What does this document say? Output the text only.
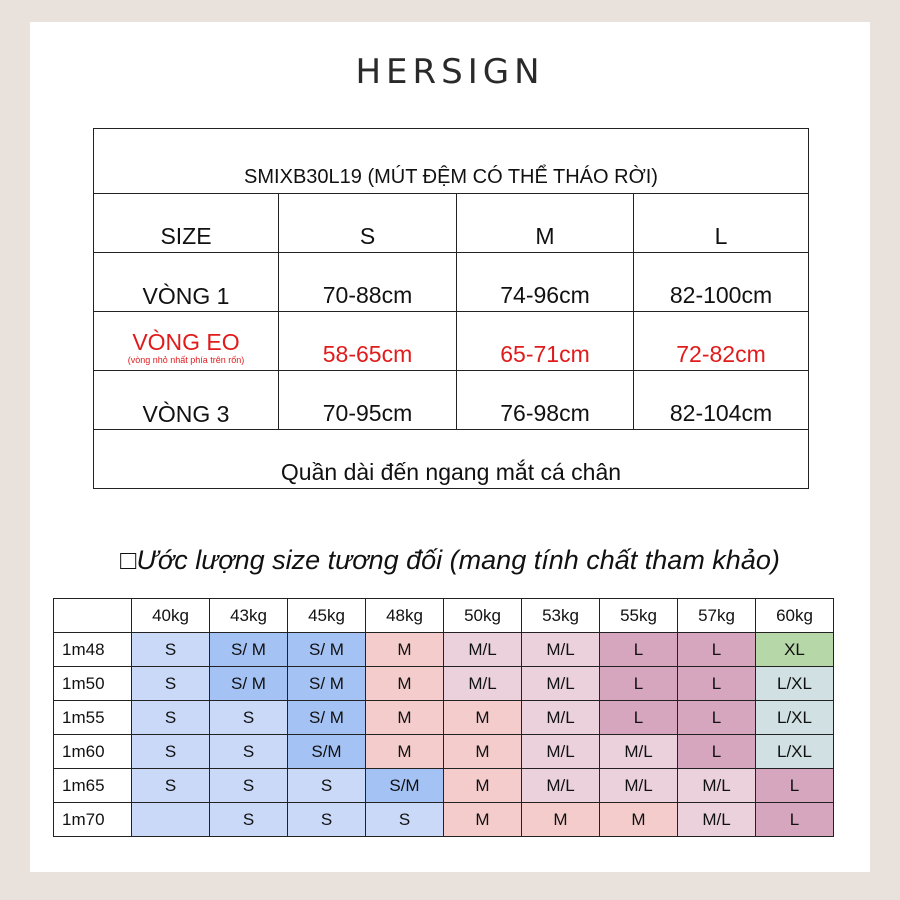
HERSIGN
SMIXB30L19 (MÚT ĐỆM CÓ THỂ THÁO RỜI)			
SIZE	S	M	L

VÒNG 1	70-88cm	74-96cm	82-100cm

VÒNG EO
(vòng nhỏ nhất phía trên rốn)	58-65cm	65-71cm	72-82cm

VÒNG 3	70-95cm	76-98cm	82-104cm
Quần dài đến ngang mắt cá chân			
□Ước lượng size tương đối (mang tính chất tham khảo)
	40kg	43kg	45kg	48kg	50kg	53kg	55kg	57kg	60kg
1m48	S	S/ M	S/ M	M	M/L	M/L	L	L	XL
1m50	S	S/ M	S/ M	M	M/L	M/L	L	L	L/XL
1m55	S	S	S/ M	M	M	M/L	L	L	L/XL
1m60	S	S	S/M	M	M	M/L	M/L	L	L/XL
1m65	S	S	S	S/M	M	M/L	M/L	M/L	L
1m70		S	S	S	M	M	M	M/L	L
